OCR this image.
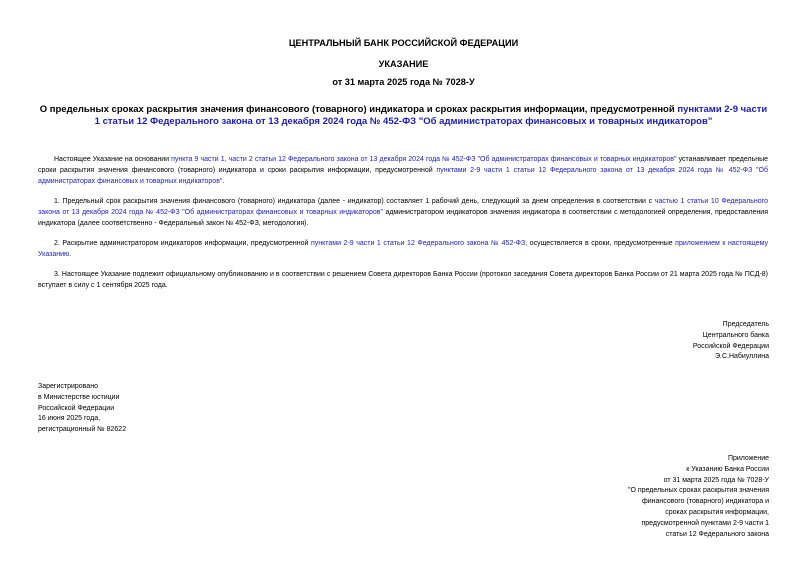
ЦЕНТРАЛЬНЫЙ БАНК РОССИЙСКОЙ ФЕДЕРАЦИИ
УКАЗАНИЕ
от 31 марта 2025 года № 7028-У
О предельных сроках раскрытия значения финансового (товарного) индикатора и сроках раскрытия информации, предусмотренной пунктами 2-9 части 1 статьи 12 Федерального закона от 13 декабря 2024 года № 452-ФЗ "Об администраторах финансовых и товарных индикаторов"
Настоящее Указание на основании пункта 9 части 1, части 2 статьи 12 Федерального закона от 13 декабря 2024 года № 452-ФЗ "Об администраторах финансовых и товарных индикаторов" устанавливает предельные сроки раскрытия значения финансового (товарного) индикатора и сроки раскрытия информации, предусмотренной пунктами 2-9 части 1 статьи 12 Федерального закона от 13 декабря 2024 года № 452-ФЗ "Об администраторах финансовых и товарных индикаторов".
1. Предельный срок раскрытия значения финансового (товарного) индикатора (далее - индикатор) составляет 1 рабочий день, следующий за днем определения в соответствии с частью 1 статьи 10 Федерального закона от 13 декабря 2024 года № 452-ФЗ "Об администраторах финансовых и товарных индикаторов" администратором индикаторов значения индикатора в соответствии с методологией определения, предоставления индикатора (далее соответственно - Федеральный закон № 452-ФЗ, методология).
2. Раскрытие администратором индикаторов информации, предусмотренной пунктами 2-9 части 1 статьи 12 Федерального закона № 452-ФЗ, осуществляется в сроки, предусмотренные приложением к настоящему Указанию.
3. Настоящее Указание подлежит официальному опубликованию и в соответствии с решением Совета директоров Банка России (протокол заседания Совета директоров Банка России от 21 марта 2025 года № ПСД-8) вступает в силу с 1 сентября 2025 года.
Председатель
Центрального банка
Российской Федерации
Э.С.Набиуллина
Зарегистрировано
в Министерстве юстиции
Российской Федерации
16 июня 2025 года,
регистрационный № 82622
Приложение
к Указанию Банка России
от 31 марта 2025 года № 7028-У
"О предельных сроках раскрытия значения
финансового (товарного) индикатора и
сроках раскрытия информации,
предусмотренной пунктами 2-9 части 1
статьи 12 Федерального закона
